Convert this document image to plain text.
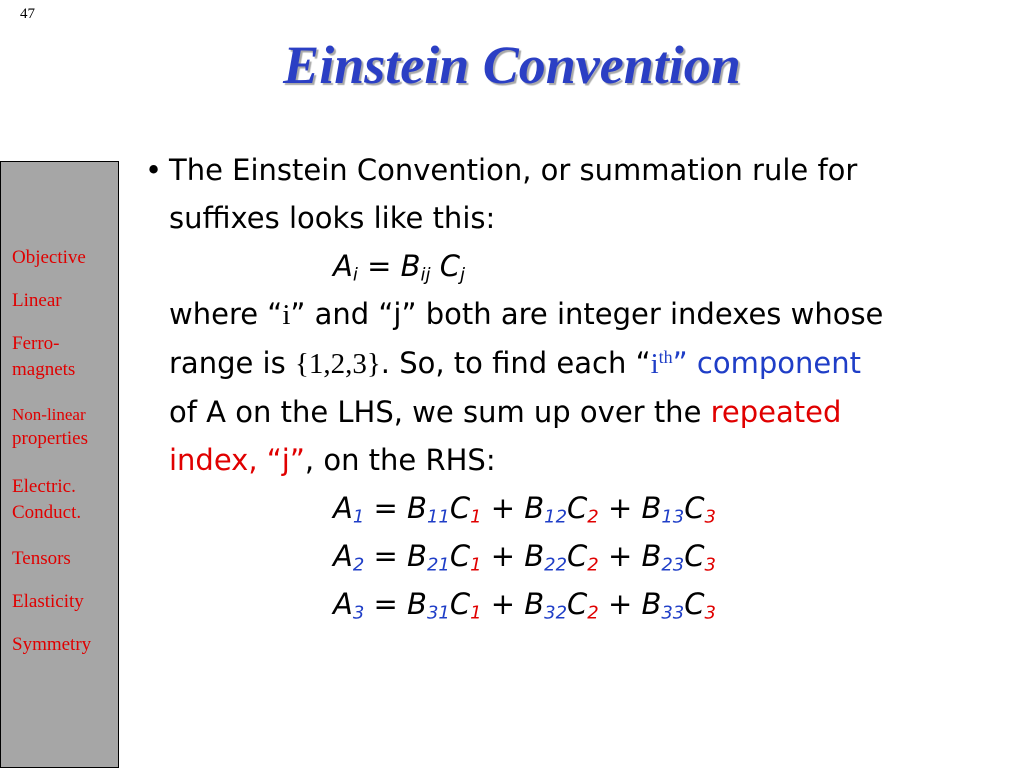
47
Einstein Convention
Objective
Linear
Ferro-
magnets
Non-linear
properties
Electric.
Conduct.
Tensors
Elasticity
Symmetry
• The Einstein Convention, or summation rule for
suffixes looks like this:
$A_i = B_{ij}$ $C_j$
where “i” and “j” both are integer indexes whose
range is {1,2,3}. So, to find each “$i^{th}$” component
of A on the LHS, we sum up over the repeated
index, “j”, on the RHS:
$A_1 = B_{11}C_1 + B_{12}C_2 + B_{13}C_3$
$A_2 = B_{21}C_1 + B_{22}C_2 + B_{23}C_3$
$A_3 = B_{31}C_1 + B_{32}C_2 + B_{33}C_3$
